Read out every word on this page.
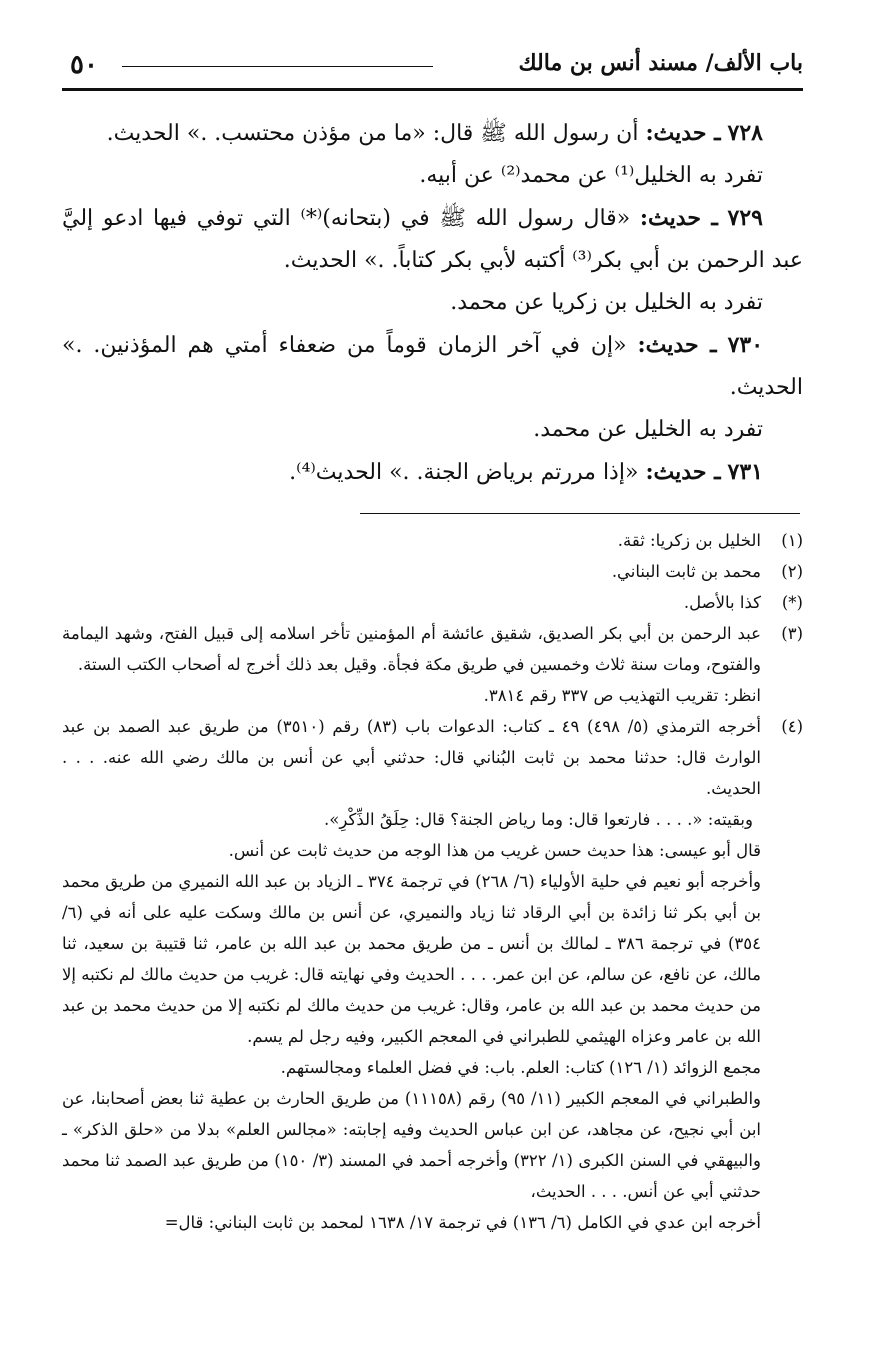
باب الألف/ مسند أنس بن مالك
٥٠

٧٢٨ ـ حديث: أن رسول الله ﷺ قال: «ما من مؤذن محتسب. .» الحديث.

تفرد به الخليل⁽¹⁾ عن محمد⁽²⁾ عن أبيه.

٧٢٩ ـ حديث: «قال رسول الله ﷺ في (بتحانه)⁽*⁾ التي توفي فيها ادعو إليَّ عبد الرحمن بن أبي بكر⁽³⁾ أكتبه لأبي بكر كتاباً. .» الحديث.

تفرد به الخليل بن زكريا عن محمد.

٧٣٠ ـ حديث: «إن في آخر الزمان قوماً من ضعفاء أمتي هم المؤذنين. .» الحديث.

تفرد به الخليل عن محمد.

٧٣١ ـ حديث: «إذا مررتم برياض الجنة. .» الحديث⁽⁴⁾.

(١)

الخليل بن زكريا: ثقة.

(٢)

محمد بن ثابت البناني.

(*)

كذا بالأصل.

(٣)

عبد الرحمن بن أبي بكر الصديق، شقيق عائشة أم المؤمنين تأخر اسلامه إلى قبيل الفتح، وشهد اليمامة والفتوح، ومات سنة ثلاث وخمسين في طريق مكة فجأة. وقيل بعد ذلك أخرج له أصحاب الكتب الستة.

انظر: تقريب التهذيب ص ٣٣٧ رقم ٣٨١٤.

(٤)

أخرجه الترمذي (٥/ ٤٩٨) ٤٩ ـ كتاب: الدعوات باب (٨٣) رقم (٣٥١٠) من طريق عبد الصمد بن عبد الوارث قال: حدثنا محمد بن ثابت البُناني قال: حدثني أبي عن أنس بن مالك رضي الله عنه. . . . الحديث.

وبقيته: «. . . . فارتعوا قال: وما رياض الجنة؟ قال: حِلَقُ الذِّكْرِ».

قال أبو عيسى: هذا حديث حسن غريب من هذا الوجه من حديث ثابت عن أنس.

وأخرجه أبو نعيم في حلية الأولياء (٦/ ٢٦٨) في ترجمة ٣٧٤ ـ الزياد بن عبد الله النميري من طريق محمد بن أبي بكر ثنا زائدة بن أبي الرقاد ثنا زياد والنميري، عن أنس بن مالك وسكت عليه على أنه في (٦/ ٣٥٤) في ترجمة ٣٨٦ ـ لمالك بن أنس ـ من طريق محمد بن عبد الله بن عامر، ثنا قتيبة بن سعيد، ثنا مالك، عن نافع، عن سالم، عن ابن عمر. . . . الحديث وفي نهايته قال: غريب من حديث مالك لم نكتبه إلا من حديث محمد بن عبد الله بن عامر، وقال: غريب من حديث مالك لم نكتبه إلا من حديث محمد بن عبد الله بن عامر وعزاه الهيثمي للطبراني في المعجم الكبير، وفيه رجل لم يسم.

مجمع الزوائد (١/ ١٢٦) كتاب: العلم. باب: في فضل العلماء ومجالستهم.

والطبراني في المعجم الكبير (١١/ ٩٥) رقم (١١١٥٨) من طريق الحارث بن عطية ثنا بعض أصحابنا، عن ابن أبي نجيح، عن مجاهد، عن ابن عباس الحديث وفيه إجابته: «مجالس العلم» بدلا من «حلق الذكر» ـ والبيهقي في السنن الكبرى (١/ ٣٢٢) وأخرجه أحمد في المسند (٣/ ١٥٠) من طريق عبد الصمد ثنا محمد حدثني أبي عن أنس. . . . الحديث،

أخرجه ابن عدي في الكامل (٦/ ١٣٦) في ترجمة ١٧/ ١٦٣٨ لمحمد بن ثابت البناني: قال=
